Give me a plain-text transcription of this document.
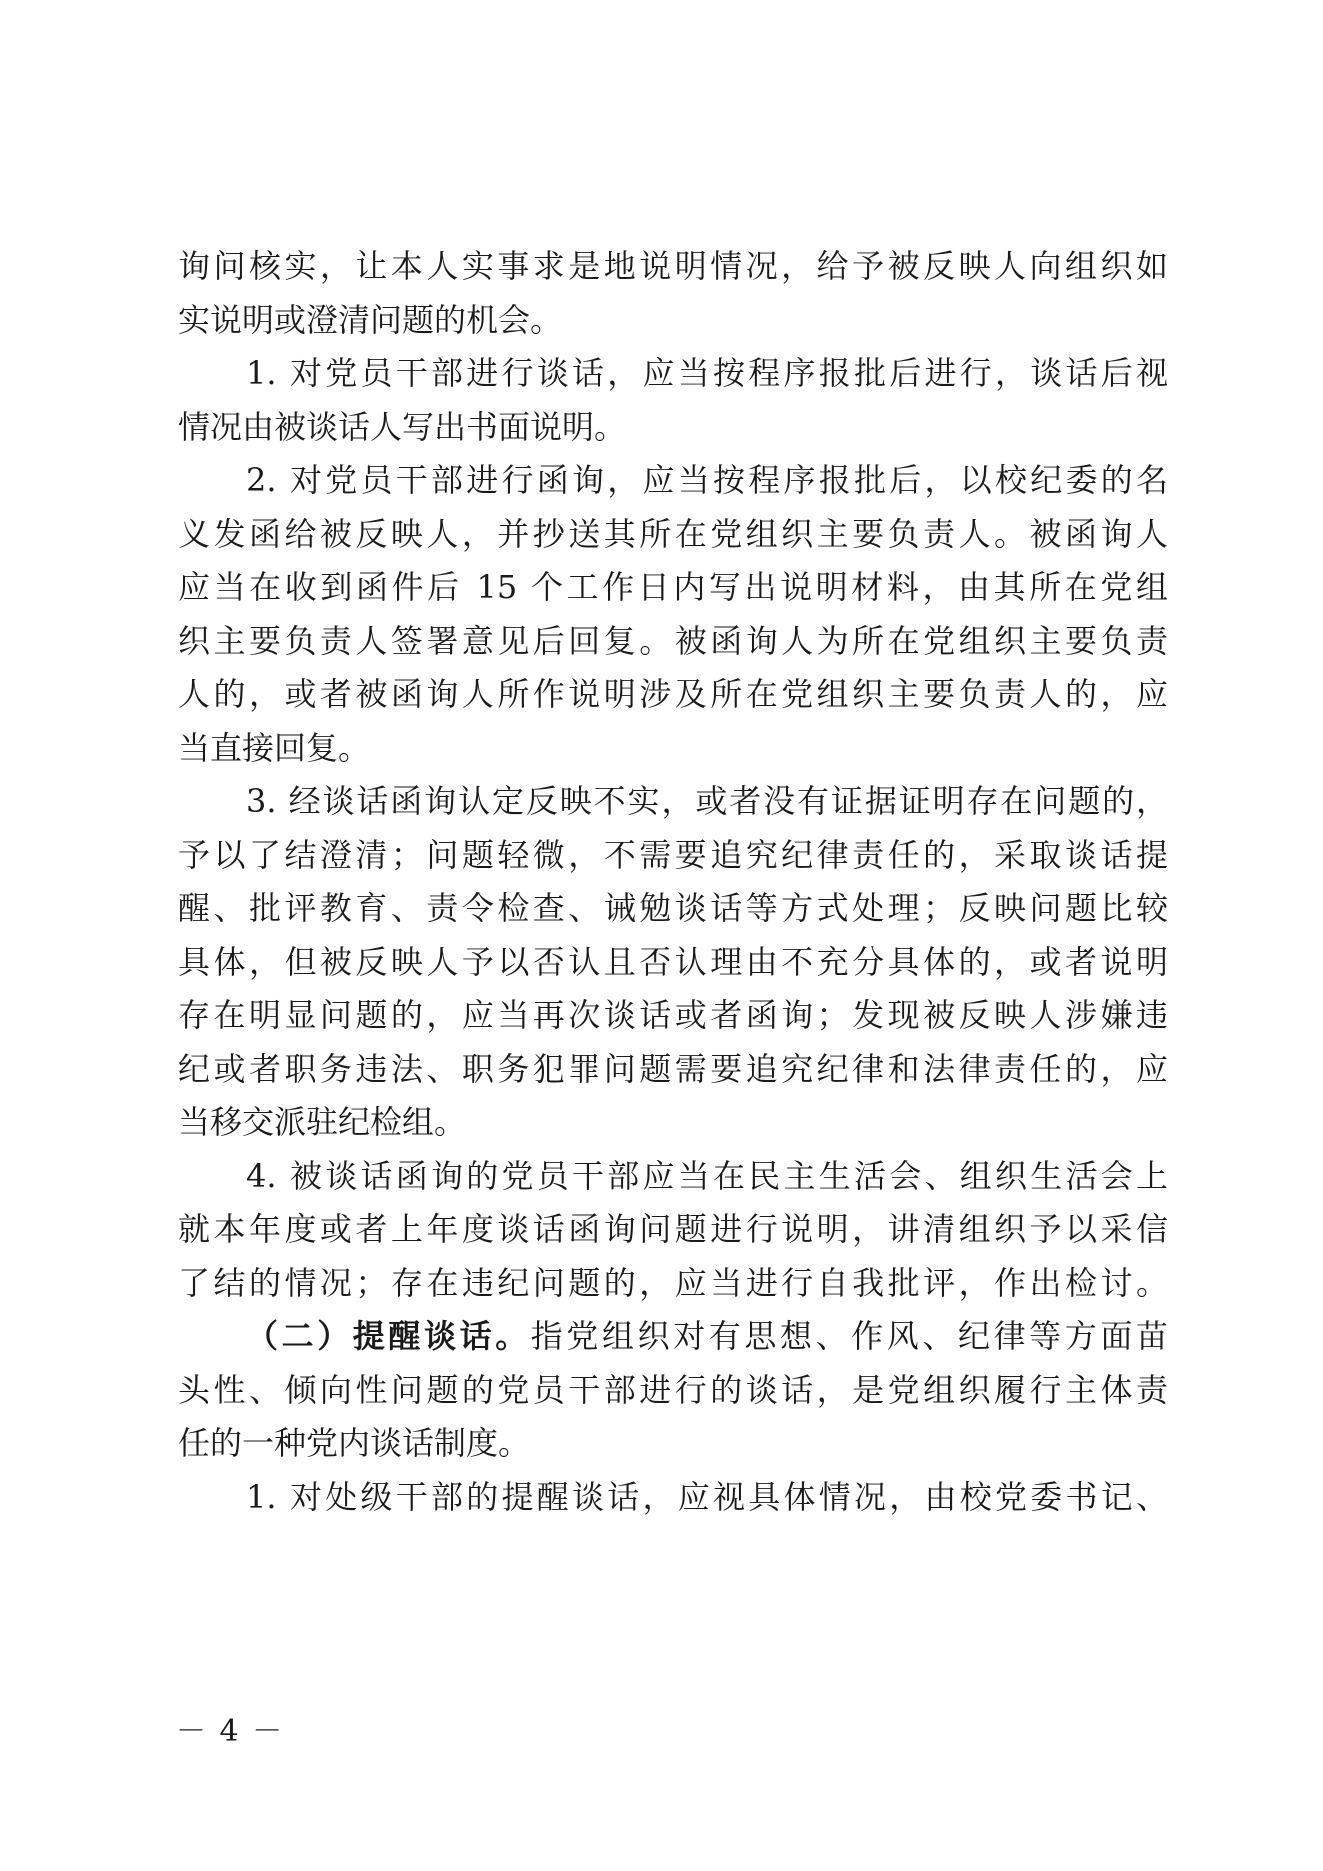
询问核实，让本人实事求是地说明情况，给予被反映人向组织如
实说明或澄清问题的机会。
1. 对党员干部进行谈话，应当按程序报批后进行，谈话后视
情况由被谈话人写出书面说明。
2. 对党员干部进行函询，应当按程序报批后，以校纪委的名
义发函给被反映人，并抄送其所在党组织主要负责人。被函询人
应当在收到函件后 15 个工作日内写出说明材料，由其所在党组
织主要负责人签署意见后回复。被函询人为所在党组织主要负责
人的，或者被函询人所作说明涉及所在党组织主要负责人的，应
当直接回复。
3. 经谈话函询认定反映不实，或者没有证据证明存在问题的，
予以了结澄清；问题轻微，不需要追究纪律责任的，采取谈话提
醒、批评教育、责令检查、诫勉谈话等方式处理；反映问题比较
具体，但被反映人予以否认且否认理由不充分具体的，或者说明
存在明显问题的，应当再次谈话或者函询；发现被反映人涉嫌违
纪或者职务违法、职务犯罪问题需要追究纪律和法律责任的，应
当移交派驻纪检组。
4. 被谈话函询的党员干部应当在民主生活会、组织生活会上
就本年度或者上年度谈话函询问题进行说明，讲清组织予以采信
了结的情况；存在违纪问题的，应当进行自我批评，作出检讨。
（二）提醒谈话。指党组织对有思想、作风、纪律等方面苗
头性、倾向性问题的党员干部进行的谈话，是党组织履行主体责
任的一种党内谈话制度。
1. 对处级干部的提醒谈话，应视具体情况，由校党委书记、
－ 4 －
